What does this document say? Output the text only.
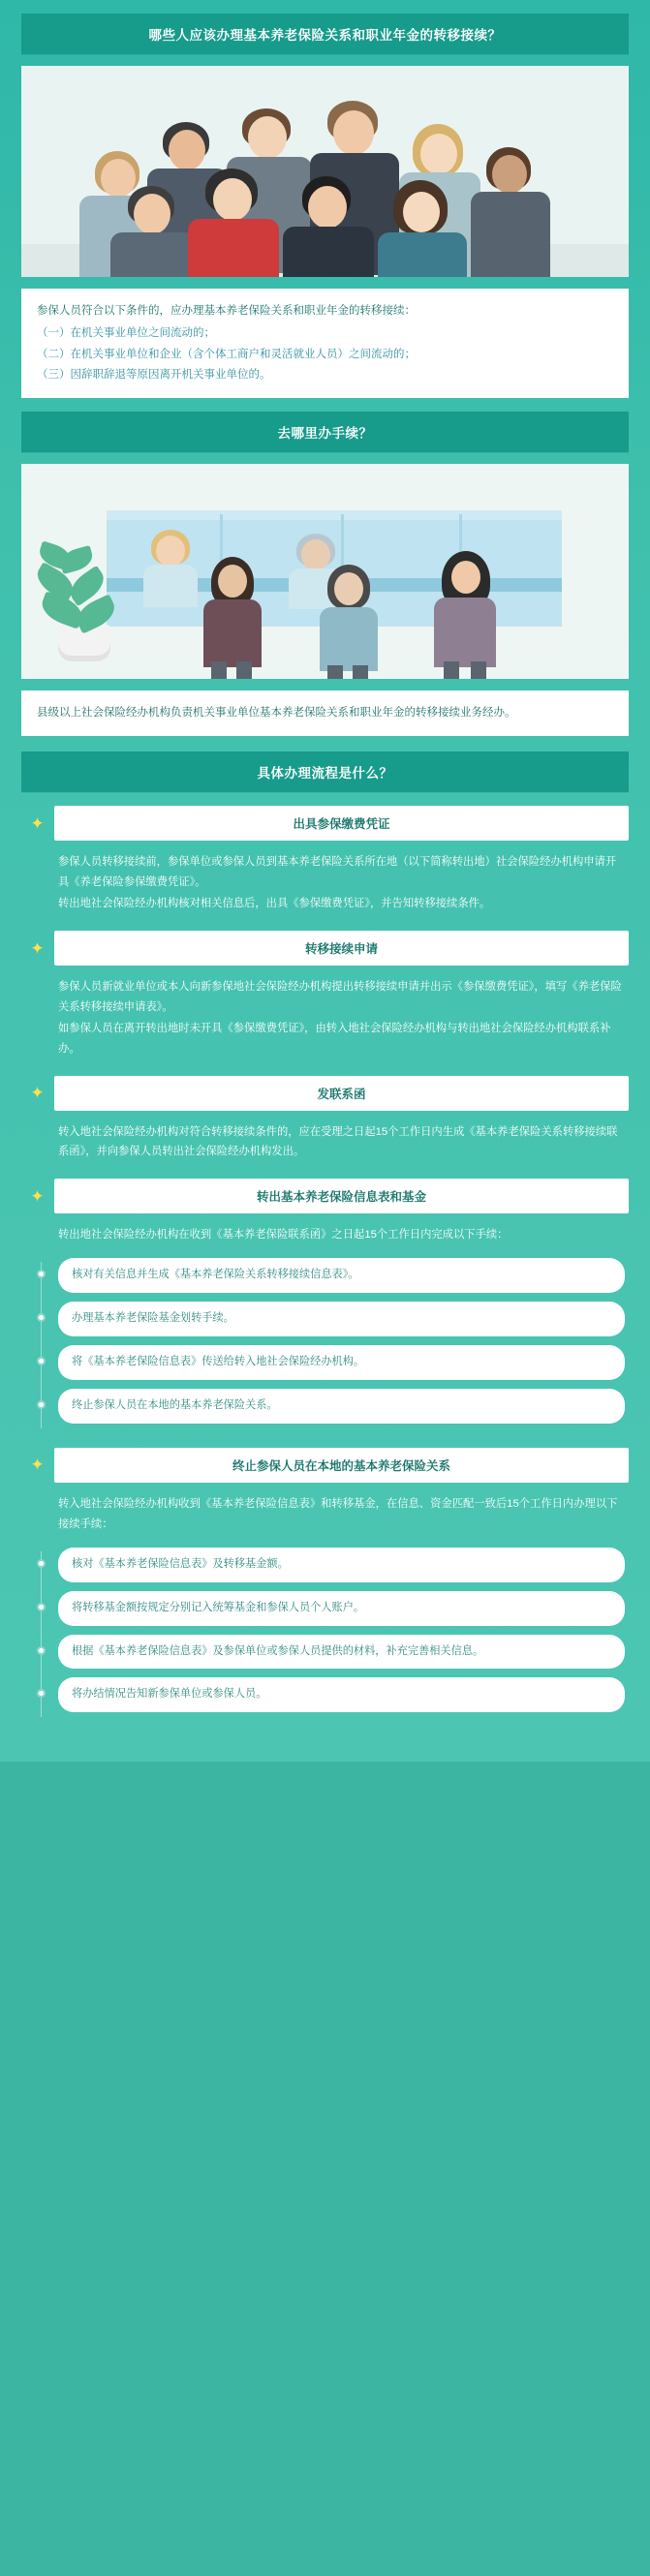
哪些人应该办理基本养老保险关系和职业年金的转移接续？
参保人员符合以下条件的，应办理基本养老保险关系和职业年金的转移接续：
（一）在机关事业单位之间流动的；
（二）在机关事业单位和企业（含个体工商户和灵活就业人员）之间流动的；
（三）因辞职辞退等原因离开机关事业单位的。
去哪里办手续？
县级以上社会保险经办机构负责机关事业单位基本养老保险关系和职业年金的转移接续业务经办。
具体办理流程是什么？
✦	出具参保缴费凭证

参保人员转移接续前，参保单位或参保人员到基本养老保险关系所在地（以下简称转出地）社会保险经办机构申请开具《养老保险参保缴费凭证》。

转出地社会保险经办机构核对相关信息后，出具《参保缴费凭证》，并告知转移接续条件。

✦	转移接续申请

参保人员新就业单位或本人向新参保地社会保险经办机构提出转移接续申请并出示《参保缴费凭证》，填写《养老保险关系转移接续申请表》。

如参保人员在离开转出地时未开具《参保缴费凭证》，由转入地社会保险经办机构与转出地社会保险经办机构联系补办。

✦	发联系函

转入地社会保险经办机构对符合转移接续条件的，应在受理之日起15个工作日内生成《基本养老保险关系转移接续联系函》，并向参保人员转出社会保险经办机构发出。

✦	转出基本养老保险信息表和基金

转出地社会保险经办机构在收到《基本养老保险联系函》之日起15个工作日内完成以下手续：

核对有关信息并生成《基本养老保险关系转移接续信息表》。
办理基本养老保险基金划转手续。
将《基本养老保险信息表》传送给转入地社会保险经办机构。
终止参保人员在本地的基本养老保险关系。
✦	终止参保人员在本地的基本养老保险关系

转入地社会保险经办机构收到《基本养老保险信息表》和转移基金，在信息、资金匹配一致后15个工作日内办理以下接续手续：

核对《基本养老保险信息表》及转移基金额。
将转移基金额按规定分别记入统筹基金和参保人员个人账户。
根据《基本养老保险信息表》及参保单位或参保人员提供的材料，补充完善相关信息。
将办结情况告知新参保单位或参保人员。
